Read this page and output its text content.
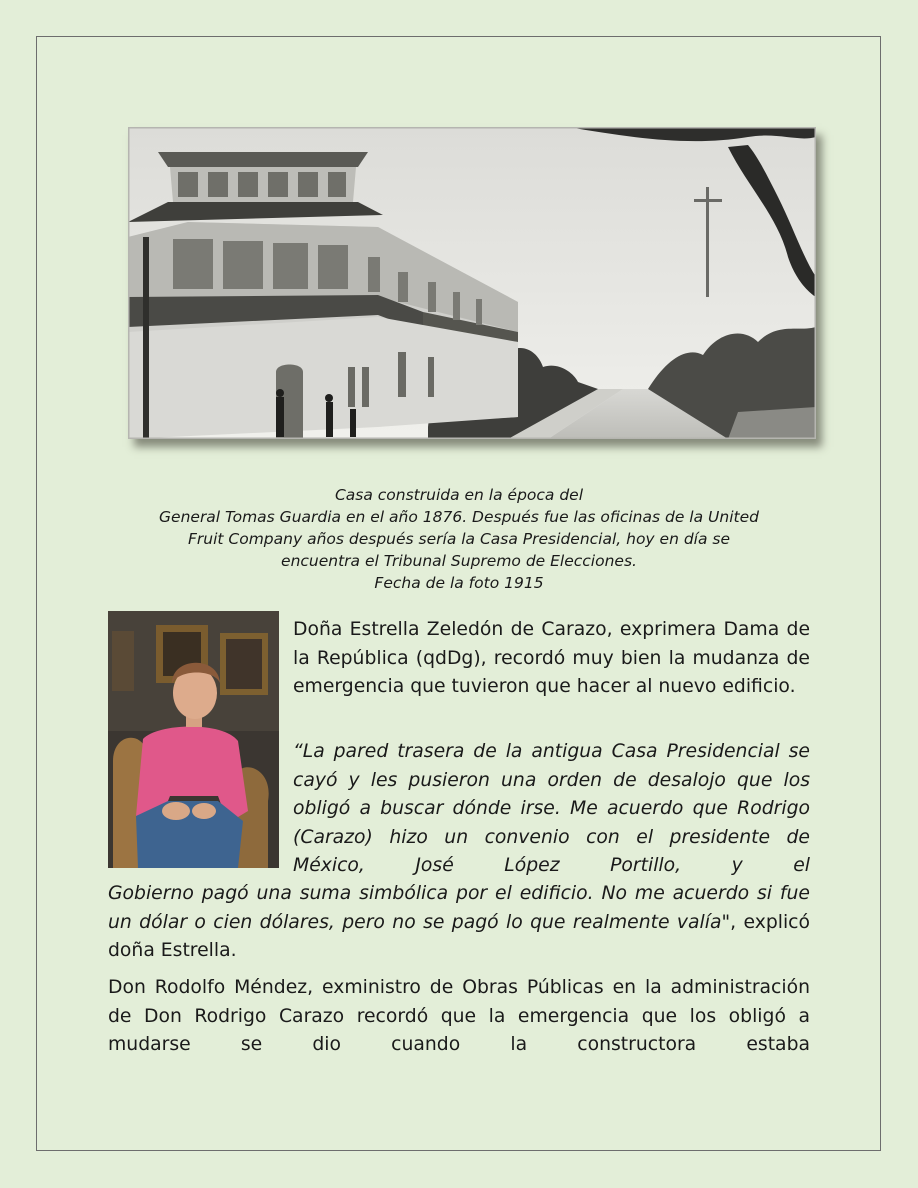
Casa construida en la época del

General Tomas Guardia en el año 1876. Después fue las oficinas de la United

Fruit Company años después sería la Casa Presidencial, hoy en día se

encuentra el Tribunal Supremo de Elecciones.

Fecha de la foto 1915

Doña Estrella Zeledón de Carazo, exprimera Dama de la República (qdDg), recordó muy bien la mudanza de emergencia que tuvieron que hacer al nuevo edificio.

“La pared trasera de la antigua Casa Presidencial se cayó y les pusieron una orden de desalojo que los obligó a buscar dónde irse. Me acuerdo que Rodrigo (Carazo) hizo un convenio con el presidente de México, José López Portillo, y el

Gobierno pagó una suma simbólica por el edificio. No me acuerdo si fue un dólar o cien dólares, pero no se pagó lo que realmente valía", explicó doña Estrella.

Don Rodolfo Méndez, exministro de Obras Públicas en la administración de Don Rodrigo Carazo recordó que la emergencia que los obligó a mudarse se dio cuando la constructora estaba
